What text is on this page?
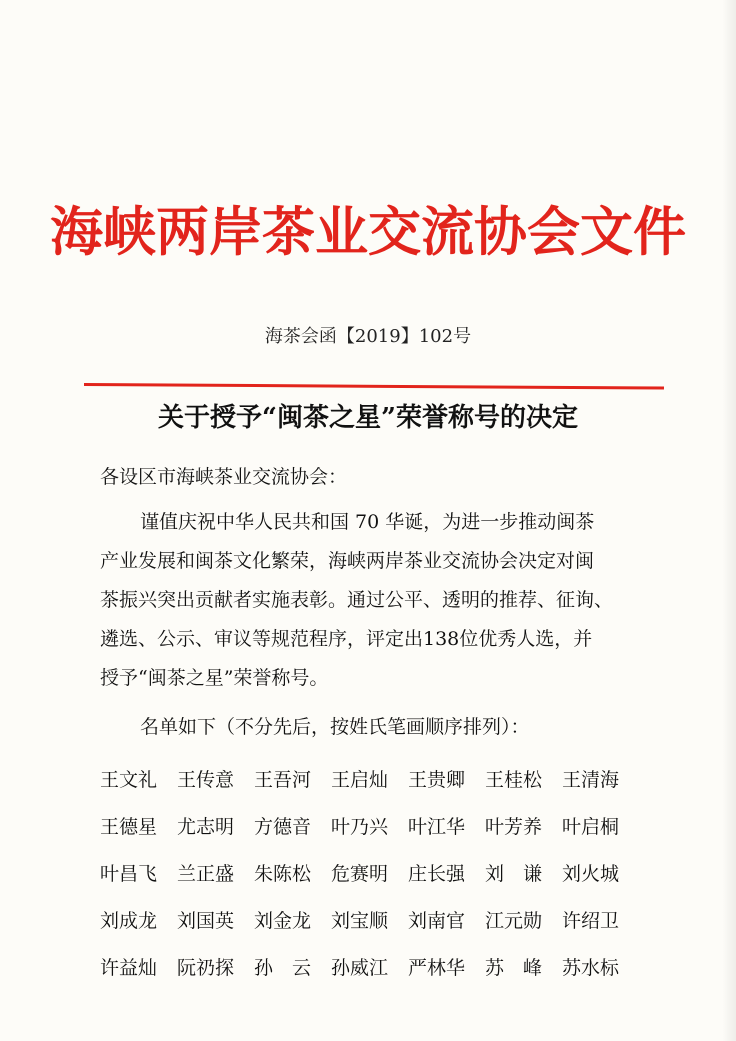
海峡两岸茶业交流协会文件
海茶会函【2019】102号
关于授予“闽茶之星”荣誉称号的决定
各设区市海峡茶业交流协会：
谨值庆祝中华人民共和国 70 华诞，为进一步推动闽茶
产业发展和闽茶文化繁荣，海峡两岸茶业交流协会决定对闽
茶振兴突出贡献者实施表彰。通过公平、透明的推荐、征询、
遴选、公示、审议等规范程序，评定出138位优秀人选，并
授予“闽茶之星”荣誉称号。
名单如下（不分先后，按姓氏笔画顺序排列）：
王文礼	王传意	王吾河	王启灿	王贵卿	王桂松	王清海
王德星	尤志明	方德音	叶乃兴	叶江华	叶芳养	叶启桐
叶昌飞	兰正盛	朱陈松	危赛明	庄长强	刘　谦	刘火城
刘成龙	刘国英	刘金龙	刘宝顺	刘南官	江元勋	许绍卫
许益灿	阮礽探	孙　云	孙威江	严林华	苏　峰	苏水标
